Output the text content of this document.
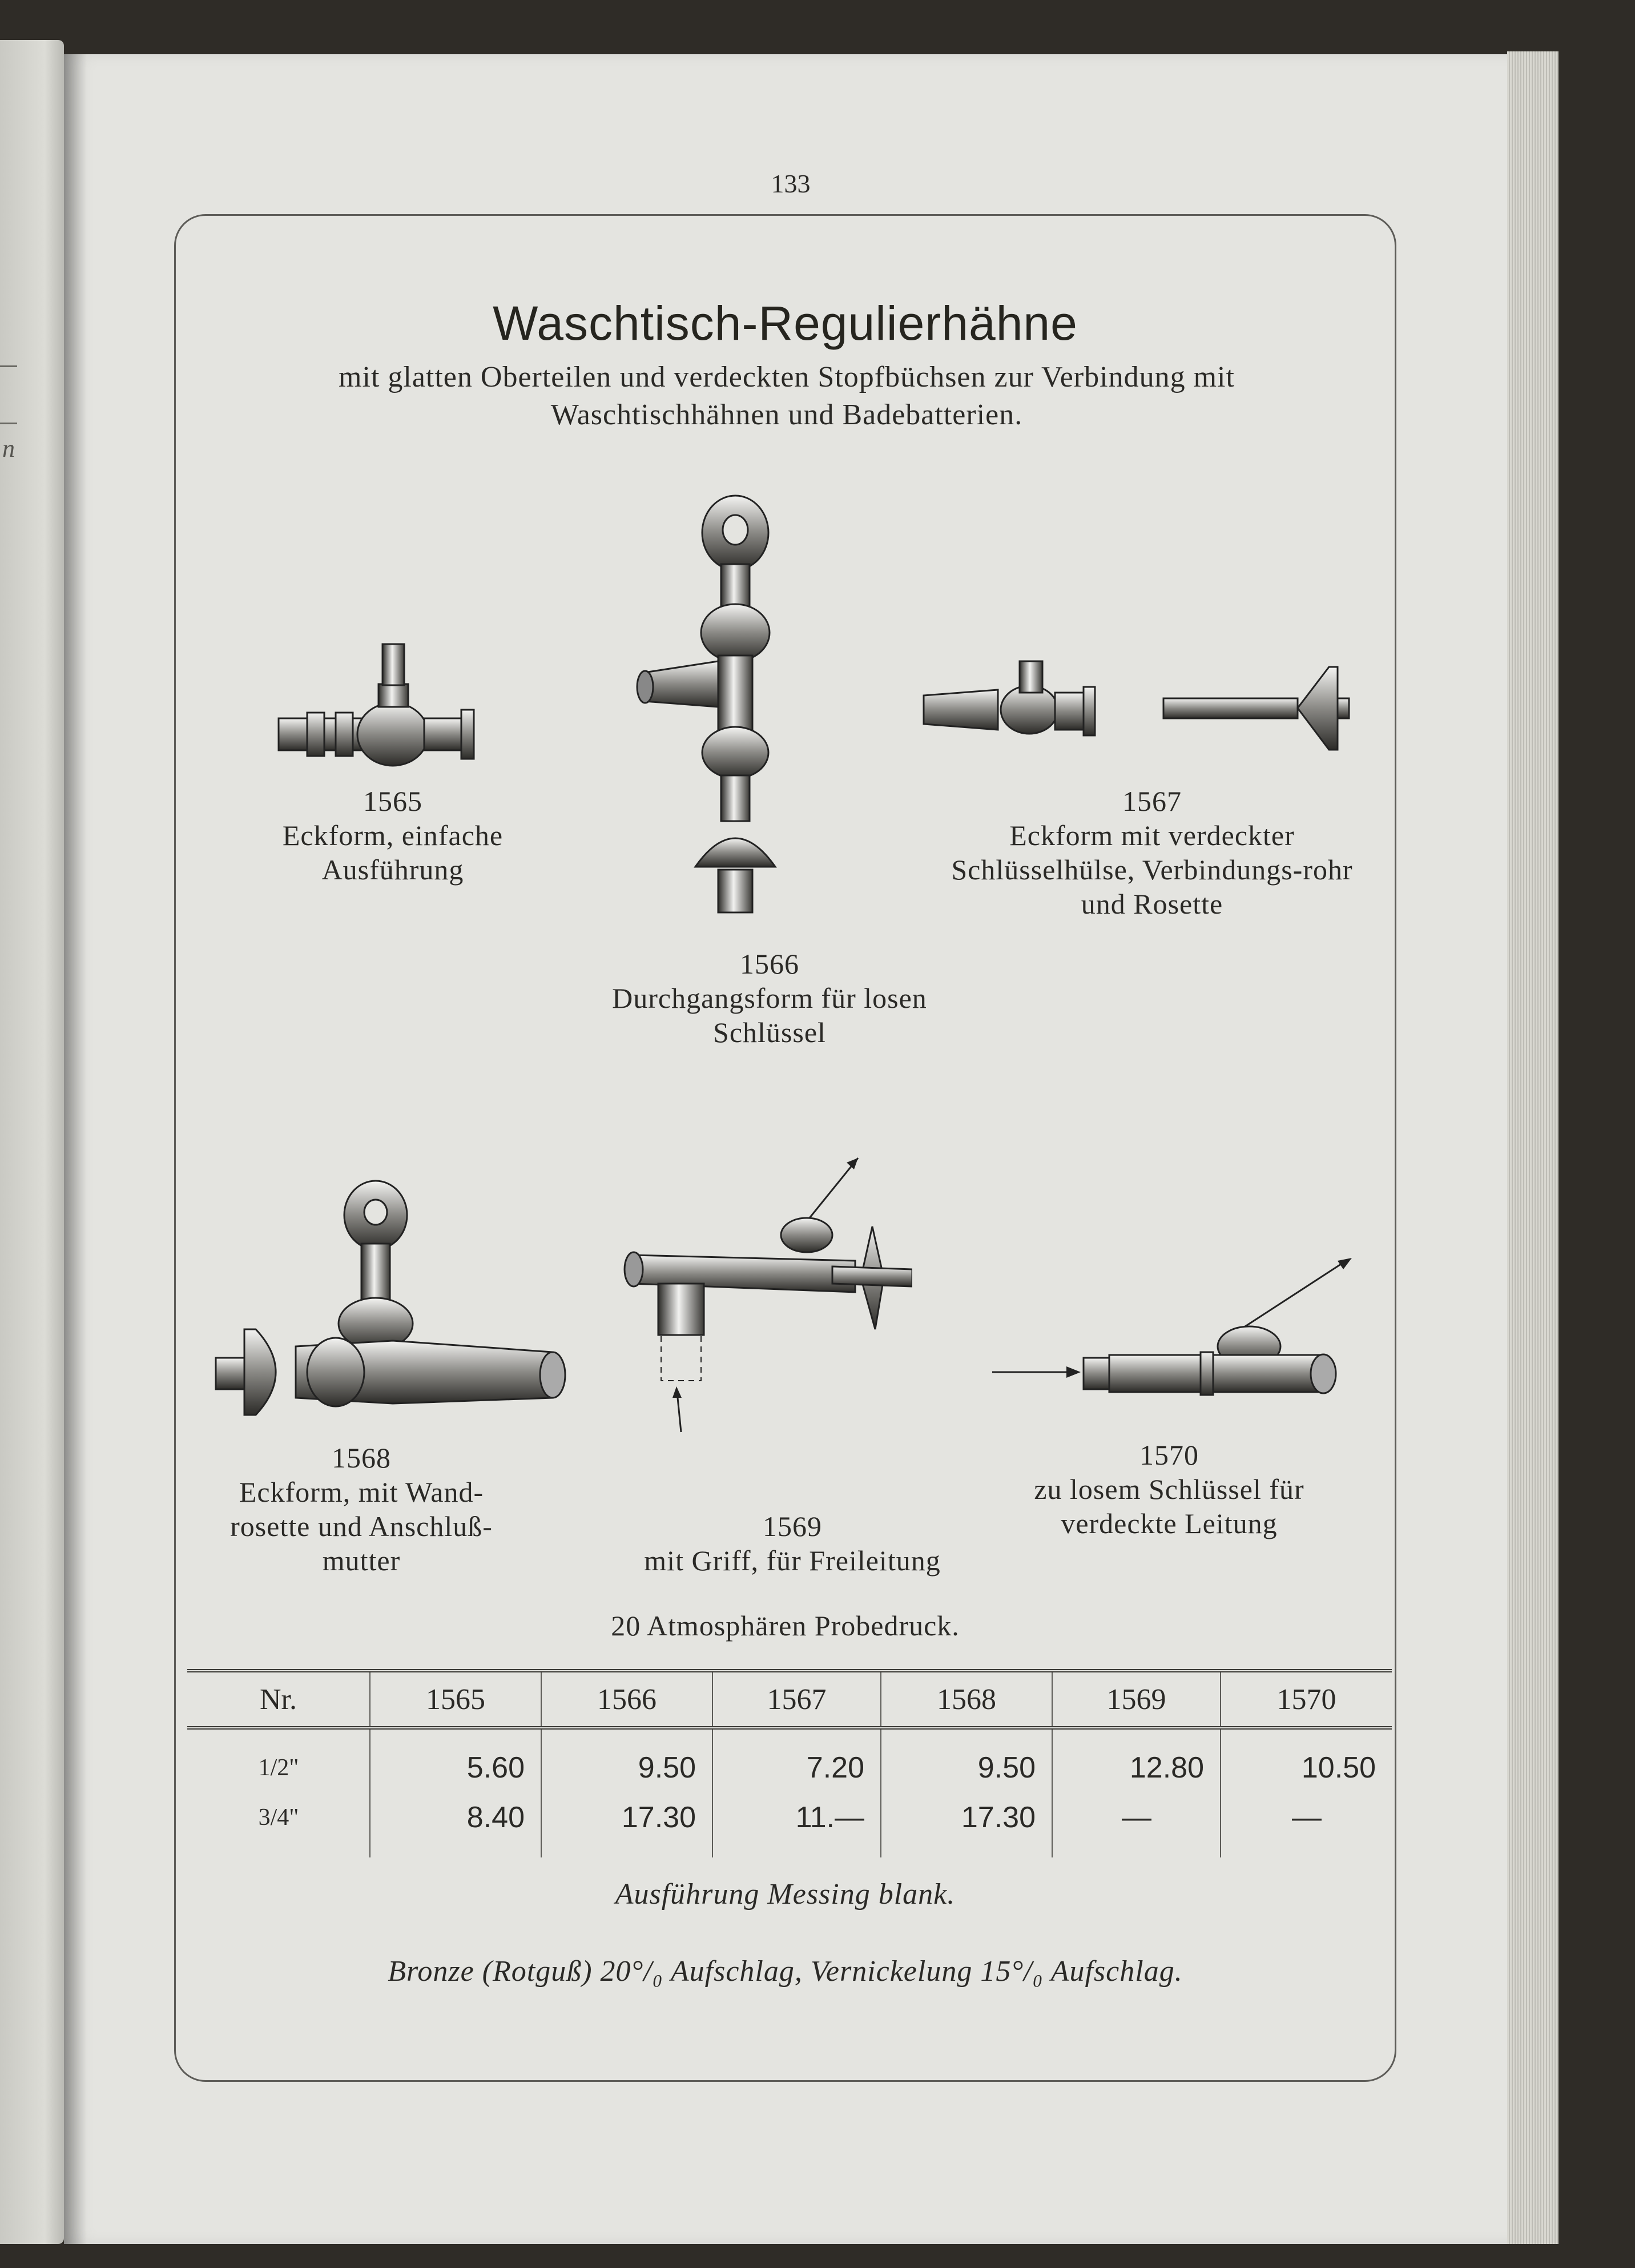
n
133
Waschtisch-Regulierhähne
mit glatten Oberteilen und verdeckten Stopfbüchsen zur Verbindung mit Waschtischhähnen und Badebatterien.
1565
Eckform, einfache Ausführung
1566
Durchgangsform für losen Schlüssel
1567
Eckform mit verdeckter Schlüsselhülse, Verbindungs-rohr und Rosette
1568
Eckform, mit Wand-rosette und Anschluß-mutter
1569
mit Griff, für Freileitung
1570
zu losem Schlüssel für verdeckte Leitung
20 Atmosphären Probedruck.
Nr.	1565	1566	1567	1568	1569	1570
1/2"	5.60	9.50	7.20	9.50	12.80	10.50
3/4"	8.40	17.30	11.—	17.30	—	—
Ausführung Messing blank.
Bronze (Rotguß) 20°/₀ Aufschlag, Vernickelung 15°/₀ Aufschlag.
